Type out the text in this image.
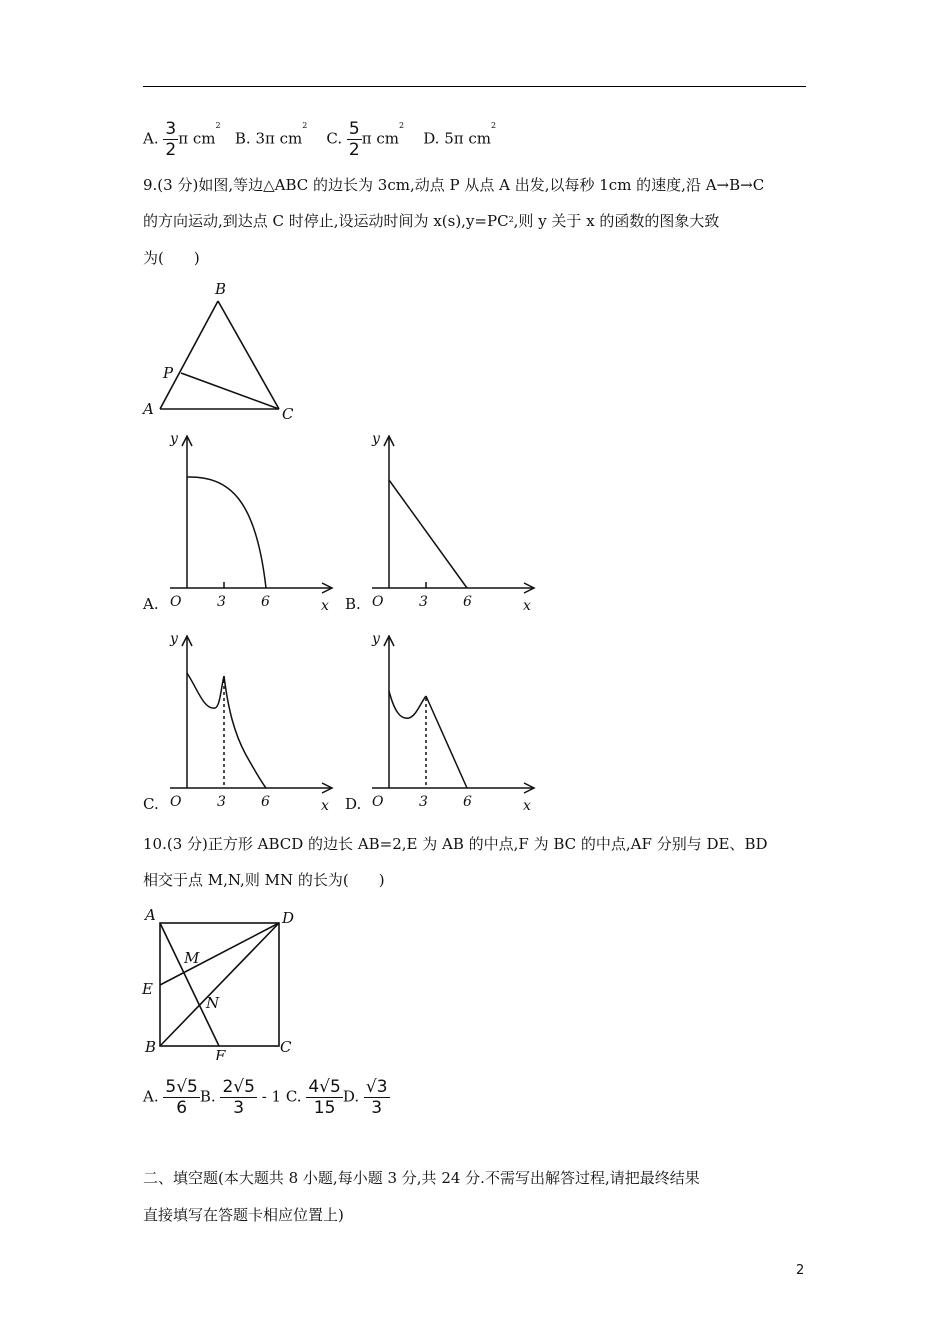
A. $\frac{3}{2}$ π $cm^2$   B. 3π $cm^2$    C. $\frac{5}{2}$ π $cm^2$    D. 5π $cm^2$
9.(3 分)如图,等边△ABC 的边长为 3cm,动点 P 从点 A 出发,以每秒 1cm 的速度,沿 A→B→C
的方向运动,到达点 C 时停止,设运动时间为 $x(s),y=PC^2$,则 y 关于 x 的函数的图象大致
为(　　)
B
P
A	C
A.
y
O	3	6	x B.
y
O	3	6	x
C.
y
O	3	6	x D.
y
O	3	6	x
10.(3 分)正方形 ABCD 的边长 AB=2,E 为 AB 的中点,F 为 BC 的中点,AF 分别与 DE、BD
相交于点 M,N,则 MN 的长为(　　)
A	D
M
E
N
B	F	C
A. $\frac{5√5}{6} B$. $\frac{2√5}{3} - 1$ C. $\frac{4√5}{15} D$. $\frac{√3}{3}$
二、填空题(本大题共 8 小题,每小题 3 分,共 24 分.不需写出解答过程,请把最终结果
直接填写在答题卡相应位置上)
2
